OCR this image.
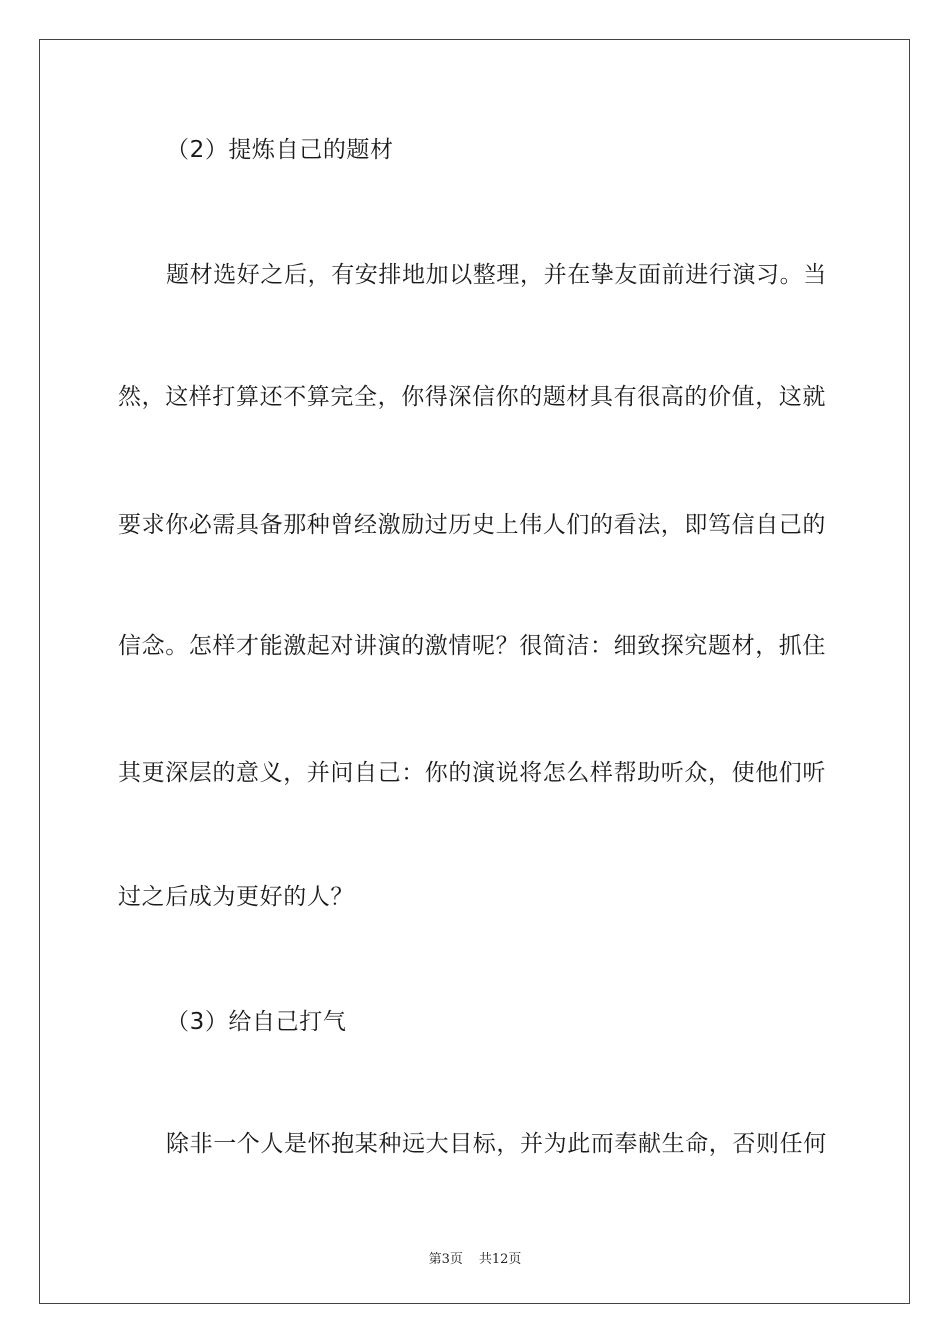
（2）提炼自己的题材
题材选好之后，有安排地加以整理，并在挚友面前进行演习。当
然，这样打算还不算完全，你得深信你的题材具有很高的价值，这就
要求你必需具备那种曾经激励过历史上伟人们的看法，即笃信自己的
信念。怎样才能激起对讲演的激情呢？很简洁：细致探究题材，抓住
其更深层的意义，并问自己：你的演说将怎么样帮助听众，使他们听
过之后成为更好的人？
（3）给自己打气
除非一个人是怀抱某种远大目标，并为此而奉献生命，否则任何
第3页 共12页
